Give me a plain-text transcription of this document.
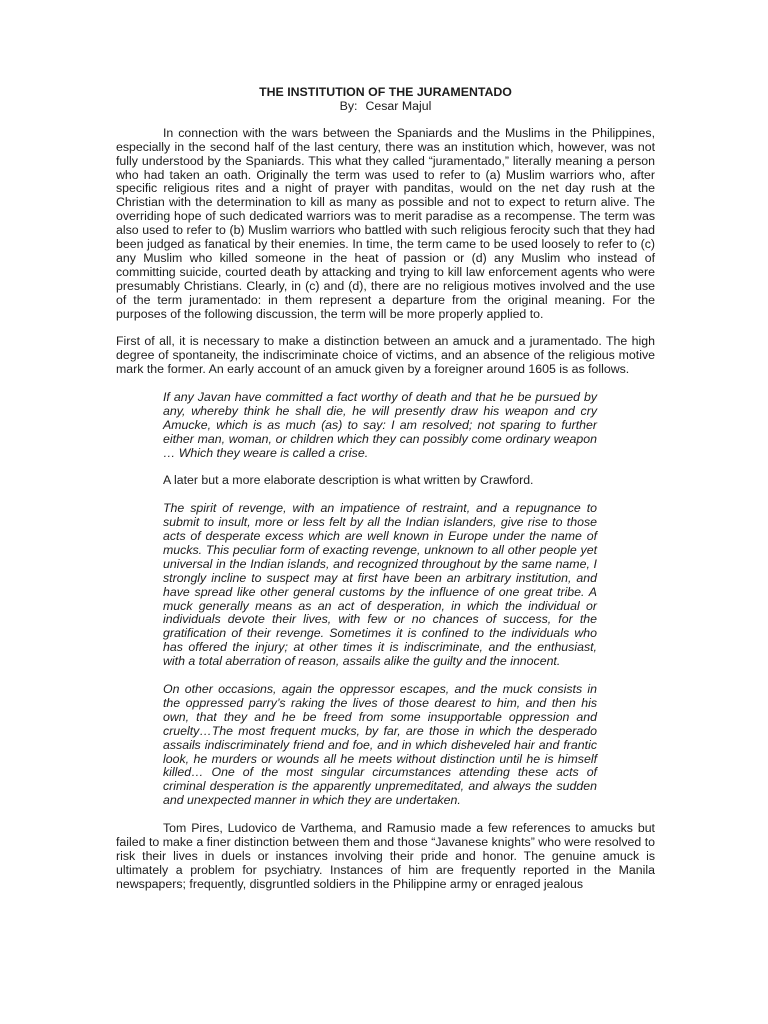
THE INSTITUTION OF THE JURAMENTADO

By: Cesar Majul

In connection with the wars between the Spaniards and the Muslims in the Philippines, especially in the second half of the last century, there was an institution which, however, was not fully understood by the Spaniards. This what they called “juramentado,” literally meaning a person who had taken an oath. Originally the term was used to refer to (a) Muslim warriors who, after specific religious rites and a night of prayer with panditas, would on the net day rush at the Christian with the determination to kill as many as possible and not to expect to return alive. The overriding hope of such dedicated warriors was to merit paradise as a recompense. The term was also used to refer to (b) Muslim warriors who battled with such religious ferocity such that they had been judged as fanatical by their enemies. In time, the term came to be used loosely to refer to (c) any Muslim who killed someone in the heat of passion or (d) any Muslim who instead of committing suicide, courted death by attacking and trying to kill law enforcement agents who were presumably Christians. Clearly, in (c) and (d), there are no religious motives involved and the use of the term juramentado: in them represent a departure from the original meaning. For the purposes of the following discussion, the term will be more properly applied to.

First of all, it is necessary to make a distinction between an amuck and a juramentado. The high degree of spontaneity, the indiscriminate choice of victims, and an absence of the religious motive mark the former. An early account of an amuck given by a foreigner around 1605 is as follows.

If any Javan have committed a fact worthy of death and that he be pursued by any, whereby think he shall die, he will presently draw his weapon and cry Amucke, which is as much (as) to say: I am resolved; not sparing to further either man, woman, or children which they can possibly come ordinary weapon … Which they weare is called a crise.

A later but a more elaborate description is what written by Crawford.

The spirit of revenge, with an impatience of restraint, and a repugnance to submit to insult, more or less felt by all the Indian islanders, give rise to those acts of desperate excess which are well known in Europe under the name of mucks. This peculiar form of exacting revenge, unknown to all other people yet universal in the Indian islands, and recognized throughout by the same name, I strongly incline to suspect may at first have been an arbitrary institution, and have spread like other general customs by the influence of one great tribe. A muck generally means as an act of desperation, in which the individual or individuals devote their lives, with few or no chances of success, for the gratification of their revenge. Sometimes it is confined to the individuals who has offered the injury; at other times it is indiscriminate, and the enthusiast, with a total aberration of reason, assails alike the guilty and the innocent.

On other occasions, again the oppressor escapes, and the muck consists in the oppressed parry’s raking the lives of those dearest to him, and then his own, that they and he be freed from some insupportable oppression and cruelty…The most frequent mucks, by far, are those in which the desperado assails indiscriminately friend and foe, and in which disheveled hair and frantic look, he murders or wounds all he meets without distinction until he is himself killed… One of the most singular circumstances attending these acts of criminal desperation is the apparently unpremeditated, and always the sudden and unexpected manner in which they are undertaken.

Tom Pires, Ludovico de Varthema, and Ramusio made a few references to amucks but failed to make a finer distinction between them and those “Javanese knights” who were resolved to risk their lives in duels or instances involving their pride and honor. The genuine amuck is ultimately a problem for psychiatry. Instances of him are frequently reported in the Manila newspapers; frequently, disgruntled soldiers in the Philippine army or enraged jealous
